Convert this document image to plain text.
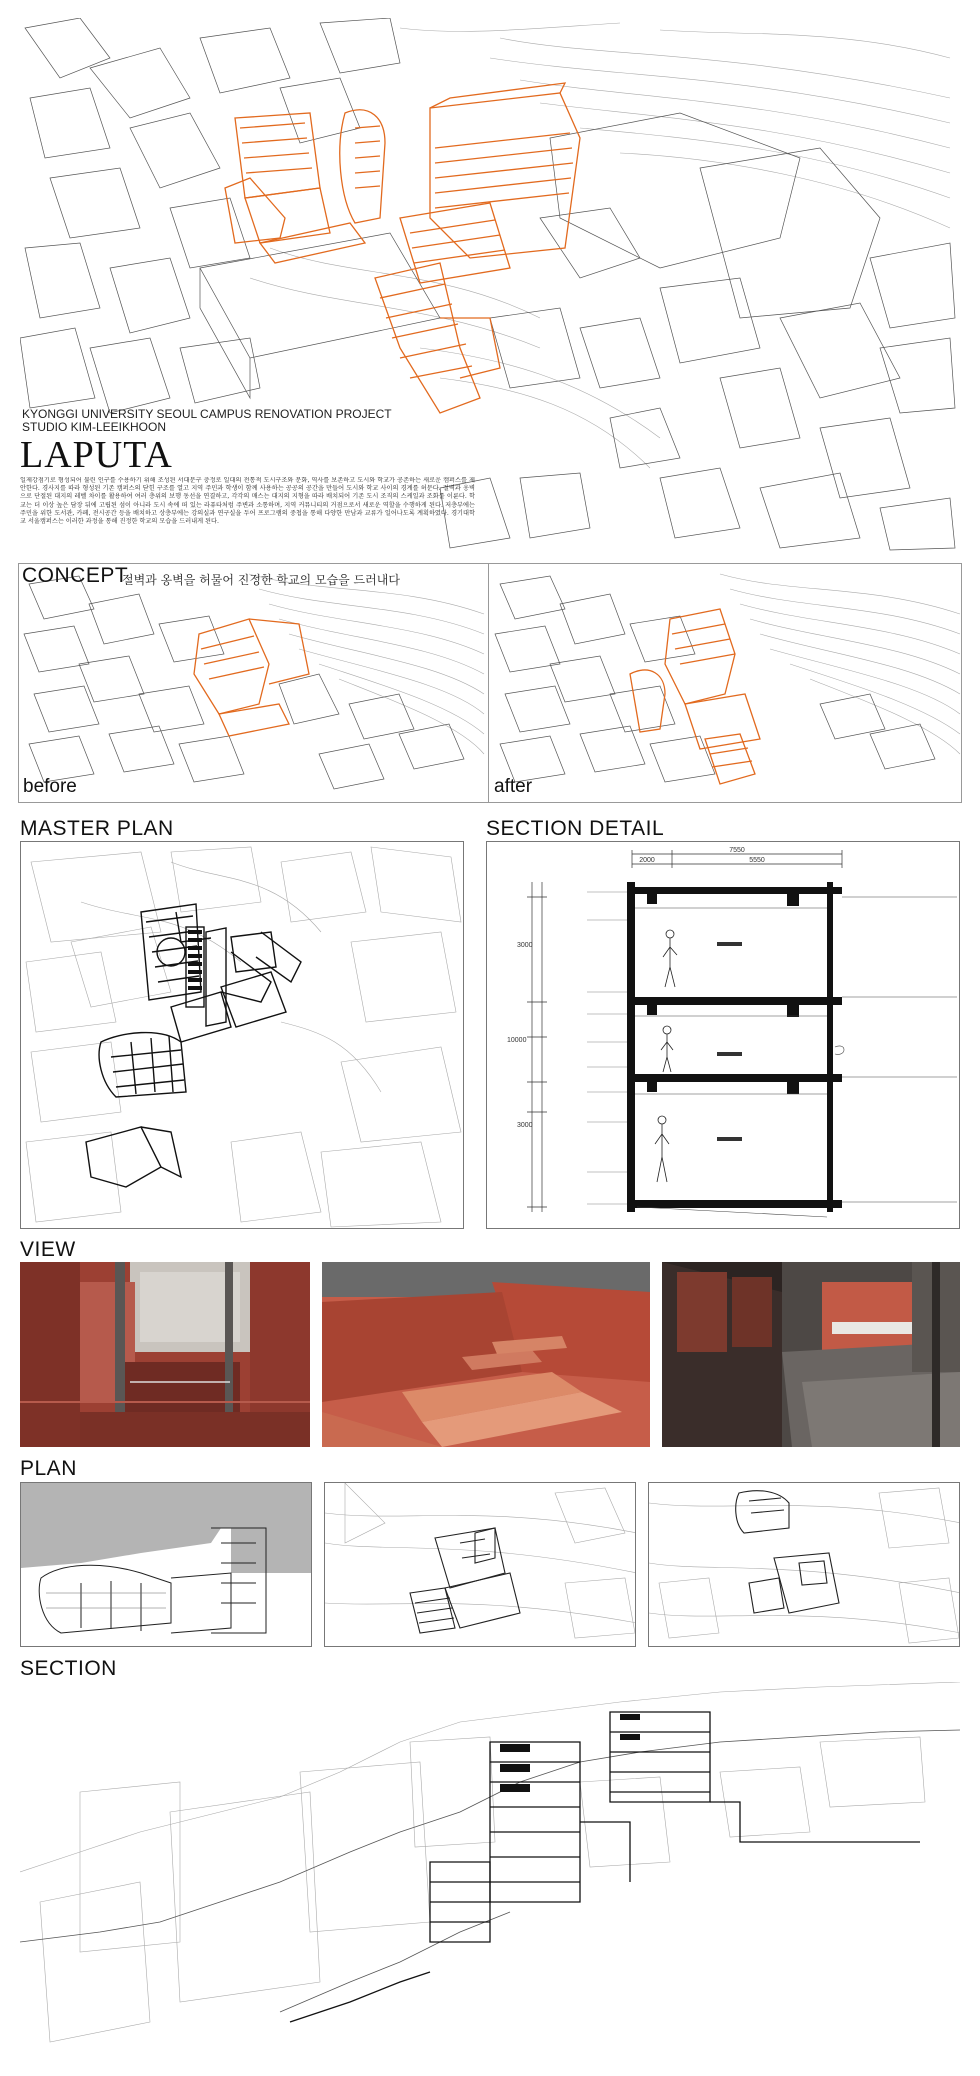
KYONGGI UNIVERSITY SEOUL CAMPUS RENOVATION PROJECT
STUDIO KIM-LEEIKHOON
LAPUTA
일제강점기로 형성되어 불린 인구를 수용하기 위해 조성된 서대문구 충정로 일대의 전통적 도시구조와 문화, 역사를 보존하고 도시와 학교가 공존하는 새로운 캠퍼스를 제안한다. 경사지를 따라 형성된 기존 캠퍼스의 닫힌 구조를 열고 지역 주민과 학생이 함께 사용하는 공공의 공간을 만들어 도시와 학교 사이의 경계를 허문다. 절벽과 옹벽으로 단절된 대지의 레벨 차이를 활용하여 여러 층위의 보행 동선을 연결하고, 각각의 매스는 대지의 지형을 따라 배치되어 기존 도시 조직의 스케일과 조화를 이룬다. 학교는 더 이상 높은 담장 뒤에 고립된 섬이 아니라 도시 속에 떠 있는 라퓨타처럼 주변과 소통하며, 지역 커뮤니티의 거점으로서 새로운 역할을 수행하게 된다. 저층부에는 주민을 위한 도서관, 카페, 전시공간 등을 배치하고 상층부에는 강의실과 연구실을 두어 프로그램의 중첩을 통해 다양한 만남과 교류가 일어나도록 계획하였다. 경기대학교 서울캠퍼스는 이러한 과정을 통해 진정한 학교의 모습을 드러내게 된다.
before	after
CONCEPT
절벽과 옹벽을 허물어 진정한 학교의 모습을 드러내다
MASTER PLAN	SECTION DETAIL
7550
2000	5550
3000
3000
10000
VIEW
PLAN
SECTION
